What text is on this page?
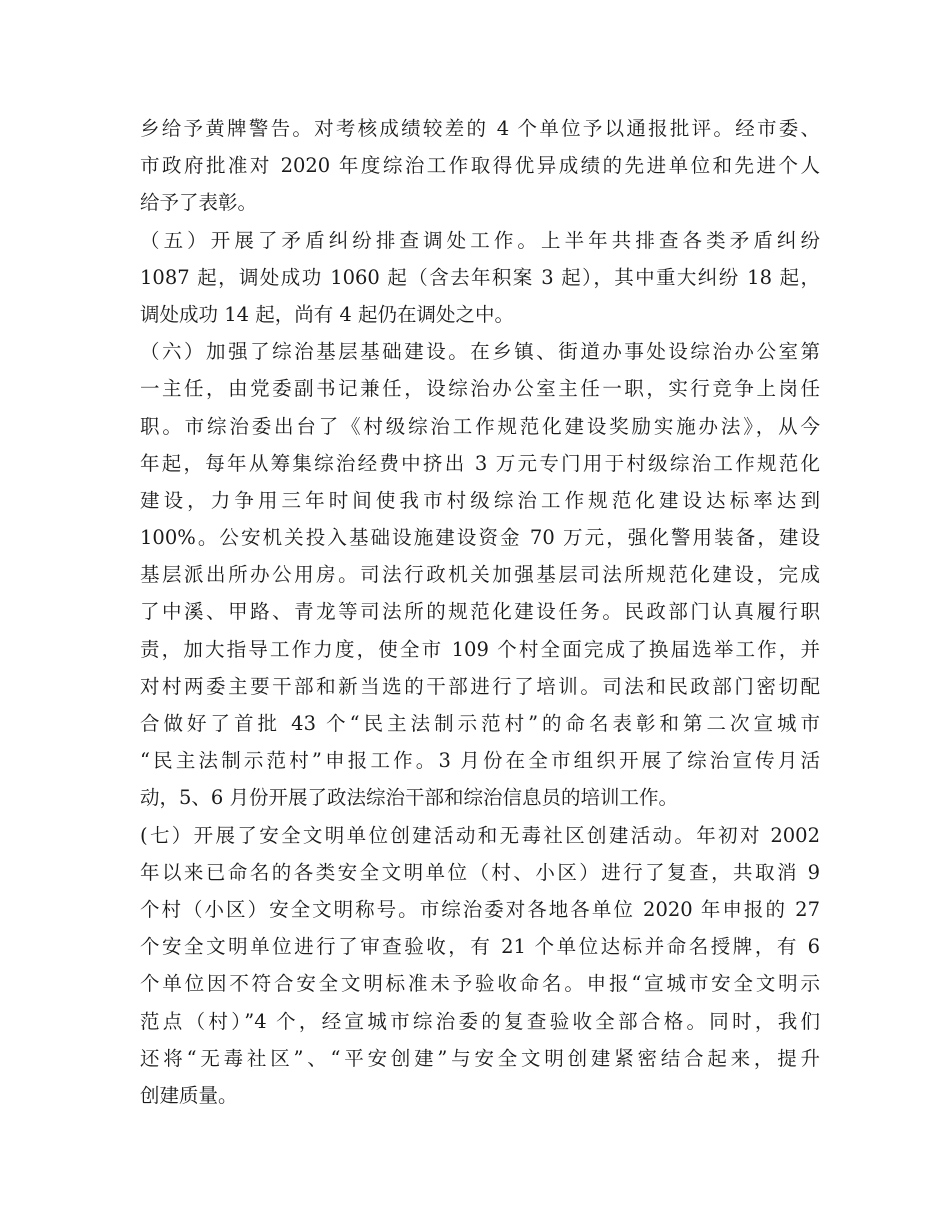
乡给予黄牌警告。对考核成绩较差的 4 个单位予以通报批评。经市委、
市政府批准对 2020 年度综治工作取得优异成绩的先进单位和先进个人
给予了表彰。
（五）开展了矛盾纠纷排查调处工作。上半年共排查各类矛盾纠纷
1087 起，调处成功 1060 起（含去年积案 3 起），其中重大纠纷 18 起，
调处成功 14 起，尚有 4 起仍在调处之中。
（六）加强了综治基层基础建设。在乡镇、街道办事处设综治办公室第
一主任，由党委副书记兼任，设综治办公室主任一职，实行竞争上岗任
职。市综治委出台了《村级综治工作规范化建设奖励实施办法》，从今
年起，每年从筹集综治经费中挤出 3 万元专门用于村级综治工作规范化
建设，力争用三年时间使我市村级综治工作规范化建设达标率达到
100%。公安机关投入基础设施建设资金 70 万元，强化警用装备，建设
基层派出所办公用房。司法行政机关加强基层司法所规范化建设，完成
了中溪、甲路、青龙等司法所的规范化建设任务。民政部门认真履行职
责，加大指导工作力度，使全市 109 个村全面完成了换届选举工作，并
对村两委主要干部和新当选的干部进行了培训。司法和民政部门密切配
合做好了首批 43 个“民主法制示范村”的命名表彰和第二次宣城市
“民主法制示范村”申报工作。3 月份在全市组织开展了综治宣传月活
动，5、6 月份开展了政法综治干部和综治信息员的培训工作。
(七）开展了安全文明单位创建活动和无毒社区创建活动。年初对 2002
年以来已命名的各类安全文明单位（村、小区）进行了复查，共取消 9
个村（小区）安全文明称号。市综治委对各地各单位 2020 年申报的 27
个安全文明单位进行了审查验收，有 21 个单位达标并命名授牌，有 6
个单位因不符合安全文明标准未予验收命名。申报“宣城市安全文明示
范点（村）”4 个，经宣城市综治委的复查验收全部合格。同时，我们
还将“无毒社区”、“平安创建”与安全文明创建紧密结合起来，提升
创建质量。
